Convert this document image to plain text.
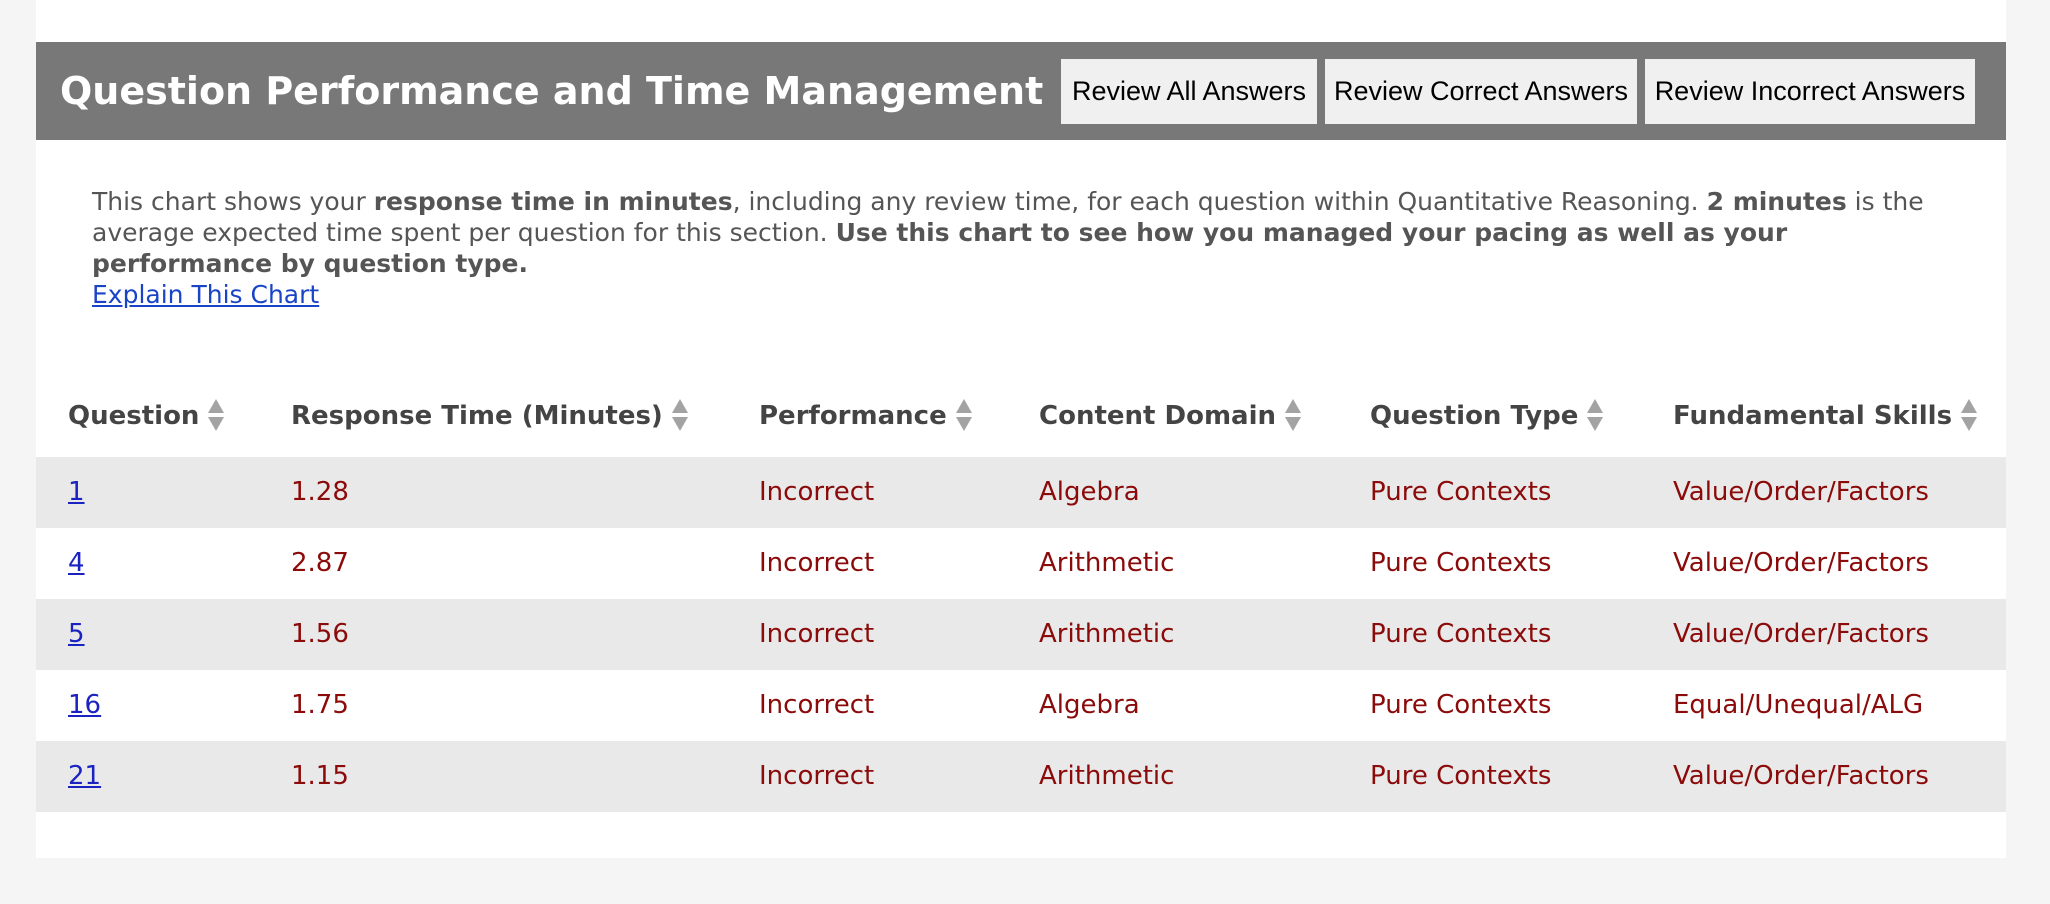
Question Performance and Time Management	Review All Answers	Review Correct Answers Review Incorrect Answers
This chart shows your response time in minutes, including any review time, for each question within Quantitative Reasoning. 2 minutes is the average expected time spent per question for this section. Use this chart to see how you managed your pacing as well as your performance by question type.
Explain This Chart
Question	Response Time (Minutes)	Performance	Content Domain	Question Type	Fundamental Skills
1	1.28	Incorrect	Algebra	Pure Contexts	Value/Order/Factors
4	2.87	Incorrect	Arithmetic	Pure Contexts	Value/Order/Factors
5	1.56	Incorrect	Arithmetic	Pure Contexts	Value/Order/Factors
16	1.75	Incorrect	Algebra	Pure Contexts	Equal/Unequal/ALG
21	1.15	Incorrect	Arithmetic	Pure Contexts	Value/Order/Factors
